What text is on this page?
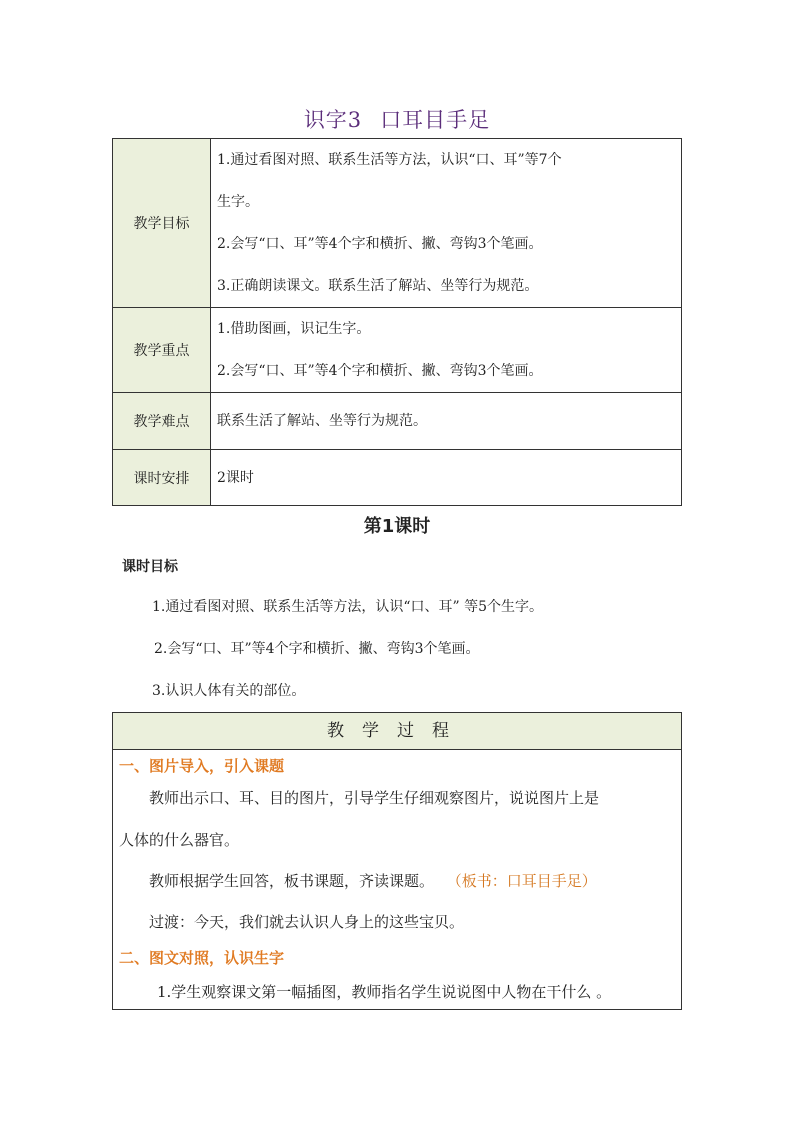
识字3 口耳目手足
教学目标	1.通过看图对照、联系生活等方法，认识“口、耳”等7个
生字。
2.会写“口、耳”等4个字和横折、撇、弯钩3个笔画。
3.正确朗读课文。联系生活了解站、坐等行为规范。

教学重点	1.借助图画，识记生字。
2.会写“口、耳”等4个字和横折、撇、弯钩3个笔画。

教学难点	联系生活了解站、坐等行为规范。

课时安排	2课时
第1课时
课时目标
1.通过看图对照、联系生活等方法，认识“口、耳” 等5个生字。
2.会写“口、耳”等4个字和横折、撇、弯钩3个笔画。
3.认识人体有关的部位。
教学过程
一、图片导入，引入课题
教师出示口、耳、目的图片，引导学生仔细观察图片，说说图片上是
人体的什么器官。
教师根据学生回答，板书课题，齐读课题。 （板书：口耳目手足）
过渡：今天，我们就去认识人身上的这些宝贝。
二、图文对照，认识生字
1.学生观察课文第一幅插图，教师指名学生说说图中人物在干什么 。
